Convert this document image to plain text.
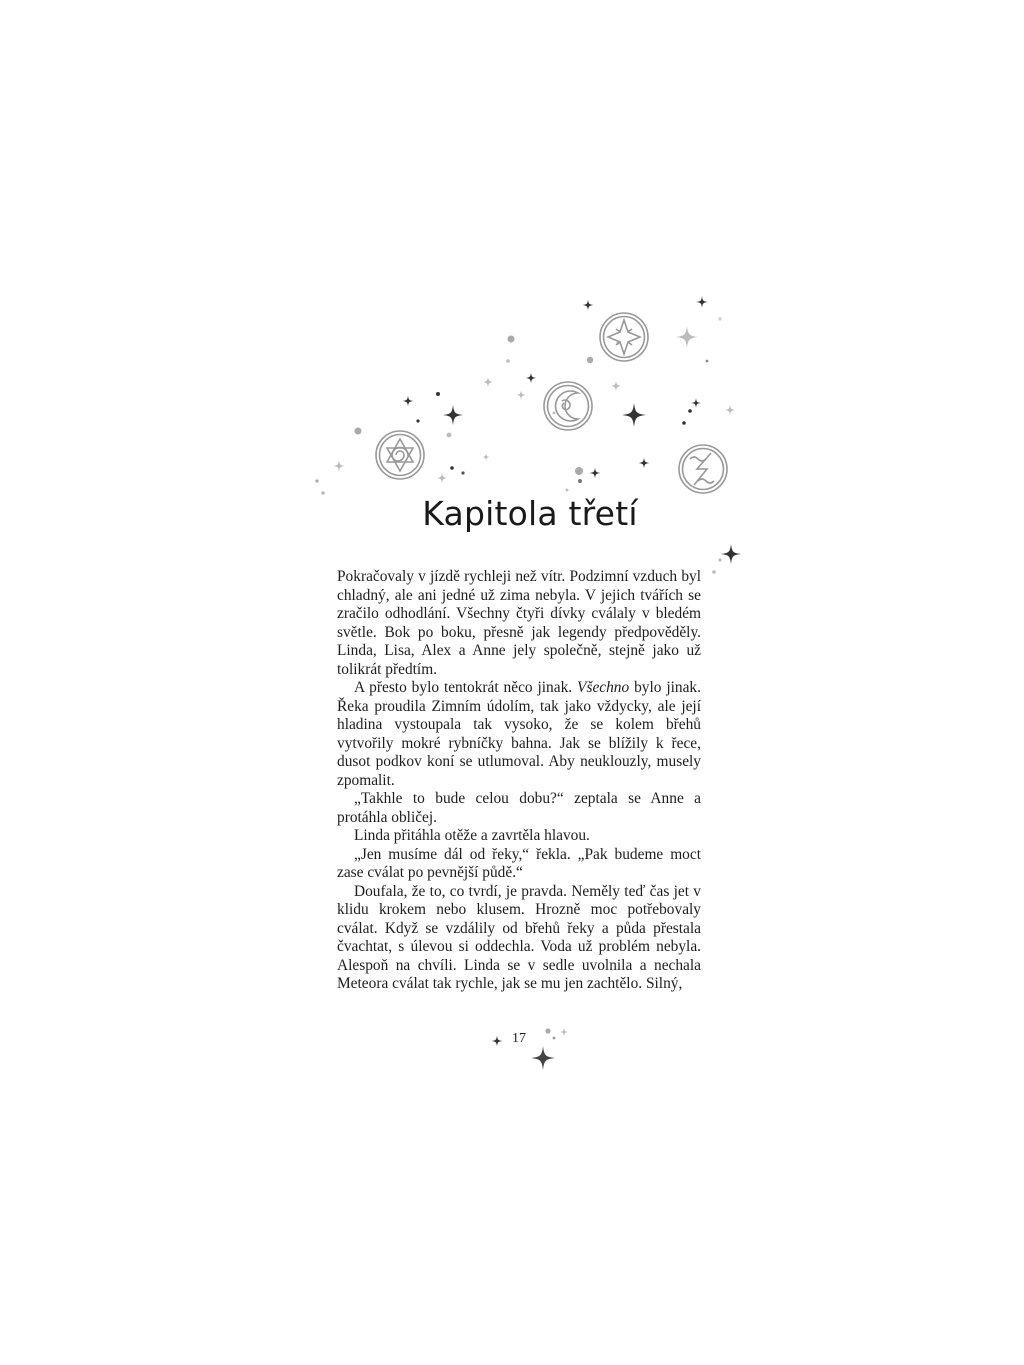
Kapitola třetí

Pokračovaly v jízdě rychleji než vítr. Podzimní vzduch byl chladný, ale ani jedné už zima nebyla. V jejich tvářích se zračilo odhodlání. Všechny čtyři dívky cválaly v bledém světle. Bok po boku, přesně jak legendy předpověděly. Linda, Lisa, Alex a Anne jely společně, stejně jako už tolikrát předtím.

A přesto bylo tentokrát něco jinak. Všechno bylo jinak. Řeka proudila Zimním údolím, tak jako vždycky, ale její hladina vystoupala tak vysoko, že se kolem břehů vytvořily mokré rybníčky bahna. Jak se blížily k řece, dusot podkov koní se utlumoval. Aby neuklouzly, musely zpomalit.

„Takhle to bude celou dobu?“ zeptala se Anne a protáhla obličej.

Linda přitáhla otěže a zavrtěla hlavou.

„Jen musíme dál od řeky,“ řekla. „Pak budeme moct zase cválat po pevnější půdě.“

Doufala, že to, co tvrdí, je pravda. Neměly teď čas jet v klidu krokem nebo klusem. Hrozně moc potřebovaly cválat. Když se vzdálily od břehů řeky a půda přestala čvachtat, s úlevou si oddechla. Voda už problém nebyla. Alespoň na chvíli. Linda se v sedle uvolnila a nechala Meteora cválat tak rychle, jak se mu jen zachtělo. Silný,

17
